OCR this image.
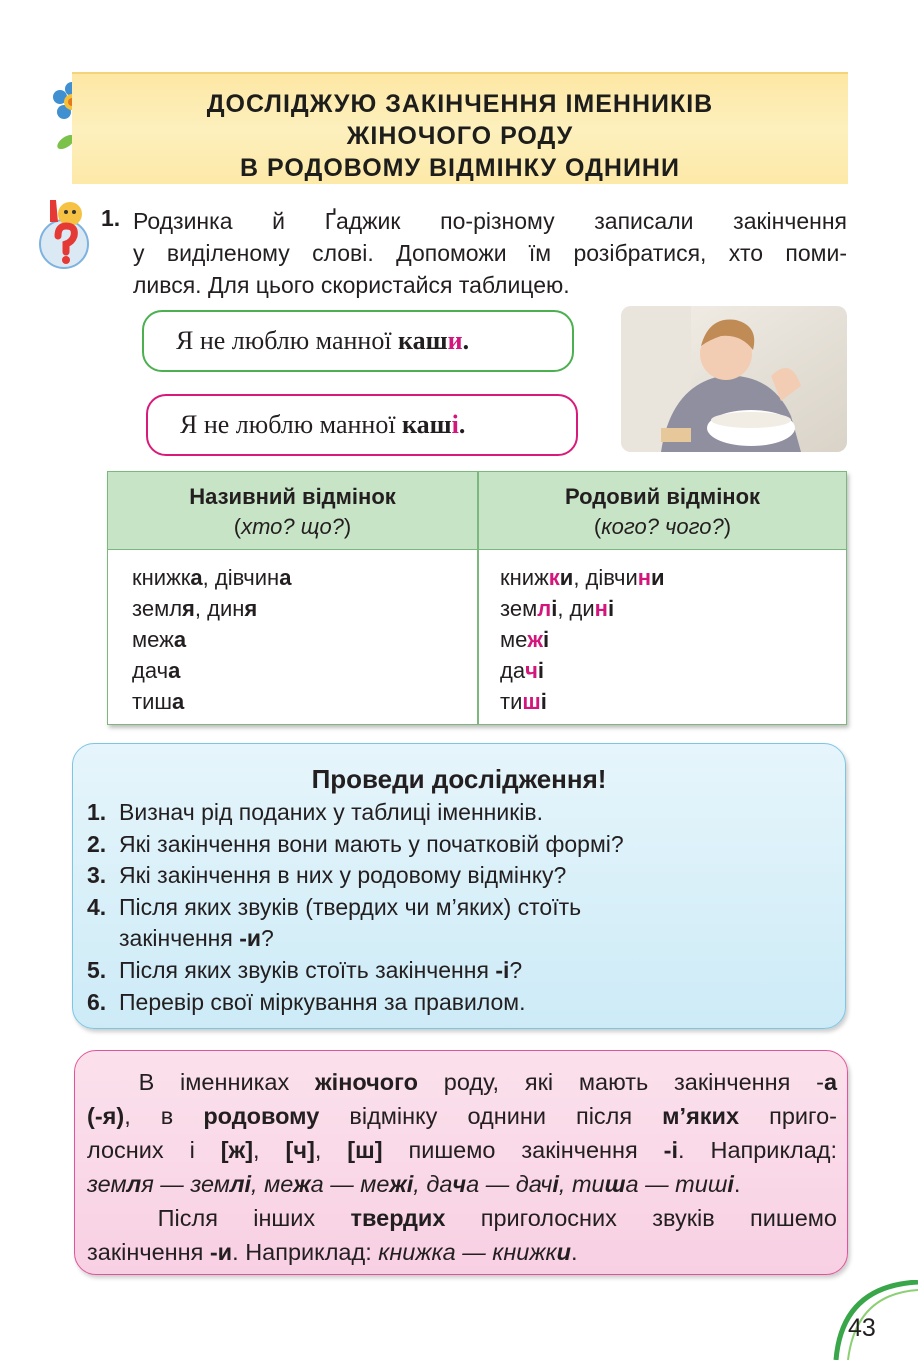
ДОСЛІДЖУЮ ЗАКІНЧЕННЯ ІМЕННИКІВ
ЖІНОЧОГО РОДУ
В РОДОВОМУ ВІДМІНКУ ОДНИНИ
1. Родзинка й Ґаджик по-різному записали закінчення
у виділеному слові. Допоможи їм розібратися, хто поми-
лився. Для цього скористайся таблицею.
Я не люблю манної каши.
Я не люблю манної каші.
Називний відмінок
(хто? що?)
Родовий відмінок
(кого? чого?)
книжка, дівчина
земля, диня
межа
дача
тиша
книжки, дівчини
землі, дині
межі
дачі
тиші
Проведи дослідження!
1. Визнач рід поданих у таблиці іменників.
2. Які закінчення вони мають у початковій формі?
3. Які закінчення в них у родовому відмінку?
4. Після яких звуків (твердих чи м’яких) стоїть
закінчення -и?
5. Після яких звуків стоїть закінчення -і?
6. Перевір свої міркування за правилом.
В іменниках жіночого роду, які мають закінчення -а
(-я), в родовому відмінку однини після м’яких приго-
лосних і [ж], [ч], [ш] пишемо закінчення -і. Наприклад:
земля — землі, межа — межі, дача — дачі, тиша — тиші.
Після інших твердих приголосних звуків пишемо
закінчення -и. Наприклад: книжка — книжки.
43
